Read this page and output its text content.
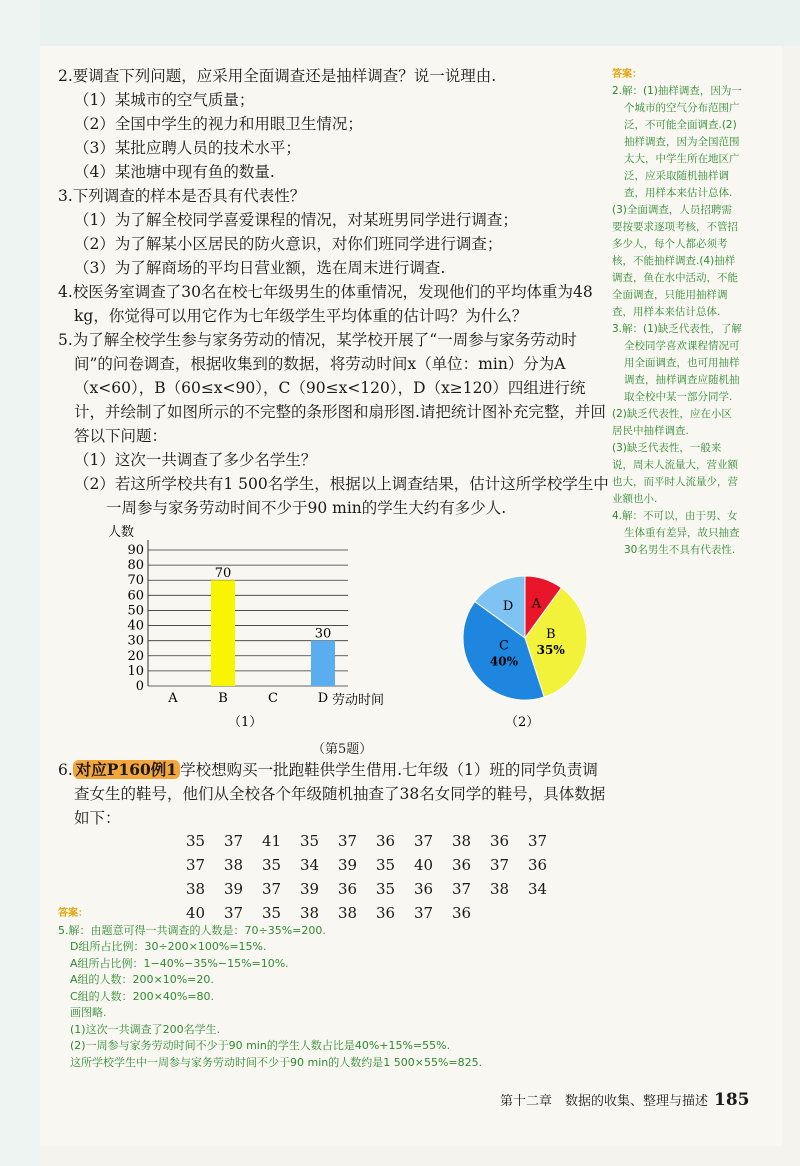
2.要调查下列问题，应采用全面调查还是抽样调查？说一说理由.

（1）某城市的空气质量；

（2）全国中学生的视力和用眼卫生情况；

（3）某批应聘人员的技术水平；

（4）某池塘中现有鱼的数量.

3.下列调查的样本是否具有代表性？

（1）为了解全校同学喜爱课程的情况，对某班男同学进行调查；

（2）为了解某小区居民的防火意识，对你们班同学进行调查；

（3）为了解商场的平均日营业额，选在周末进行调查.

4.校医务室调查了30名在校七年级男生的体重情况，发现他们的平均体重为48 kg，你觉得可以用它作为七年级学生平均体重的估计吗？为什么？

5.为了解全校学生参与家务劳动的情况，某学校开展了“一周参与家务劳动时间”的问卷调查，根据收集到的数据，将劳动时间x（单位：min）分为A（x<60），B（60≤x<90），C（90≤x<120），D（x≥120）四组进行统计，并绘制了如图所示的不完整的条形图和扇形图.请把统计图补充完整，并回答以下问题：

（1）这次一共调查了多少名学生？

（2）若这所学校共有1 500名学生，根据以上调查结果，估计这所学校学生中一周参与家务劳动时间不少于90 min的学生大约有多少人.

人数
0
10
20
30
40
50
60
70
80
90
A
70
B	C
30
D 劳动时间
（1）
A
B
35%
C
40%
D
（2）
（第5题）
6. 对应P160例1 学校想购买一批跑鞋供学生借用.七年级（1）班的同学负责调查女生的鞋号，他们从全校各个年级随机抽查了38名女同学的鞋号，具体数据如下：
35	37	41	35	37	36	37	38	36	37
37	38	35	34	39	35	40	36	37	36
38	39	37	39	36	35	36	37	38	34
40	37	35	38	38	36	37	36
答案：

2.解：(1)抽样调查，因为一个城市的空气分布范围广泛，不可能全面调查.(2)抽样调查，因为全国范围太大，中学生所在地区广泛，应采取随机抽样调查，用样本来估计总体.

(3)全面调查，人员招聘需要按要求逐项考核，不管招多少人，每个人都必须考核，不能抽样调查.(4)抽样调查，鱼在水中活动，不能全面调查，只能用抽样调查，用样本来估计总体.

3.解：(1)缺乏代表性，了解全校同学喜欢课程情况可用全面调查，也可用抽样调查，抽样调查应随机抽取全校中某一部分同学.

(2)缺乏代表性，应在小区居民中抽样调查.

(3)缺乏代表性，一般来说，周末人流量大，营业额也大，而平时人流量少，营业额也小.

4.解：不可以，由于男、女生体重有差异，故只抽查30名男生不具有代表性.

答案：

5.解：由题意可得一共调查的人数是：70÷35%=200.

D组所占比例：30÷200×100%=15%.

A组所占比例：1−40%−35%−15%=10%.

A组的人数：200×10%=20.

C组的人数：200×40%=80.

画图略.

(1)这次一共调查了200名学生.

(2)一周参与家务劳动时间不少于90 min的学生人数占比是40%+15%=55%.

这所学校学生中一周参与家务劳动时间不少于90 min的人数约是1 500×55%=825.

第十二章　数据的收集、整理与描述 185
